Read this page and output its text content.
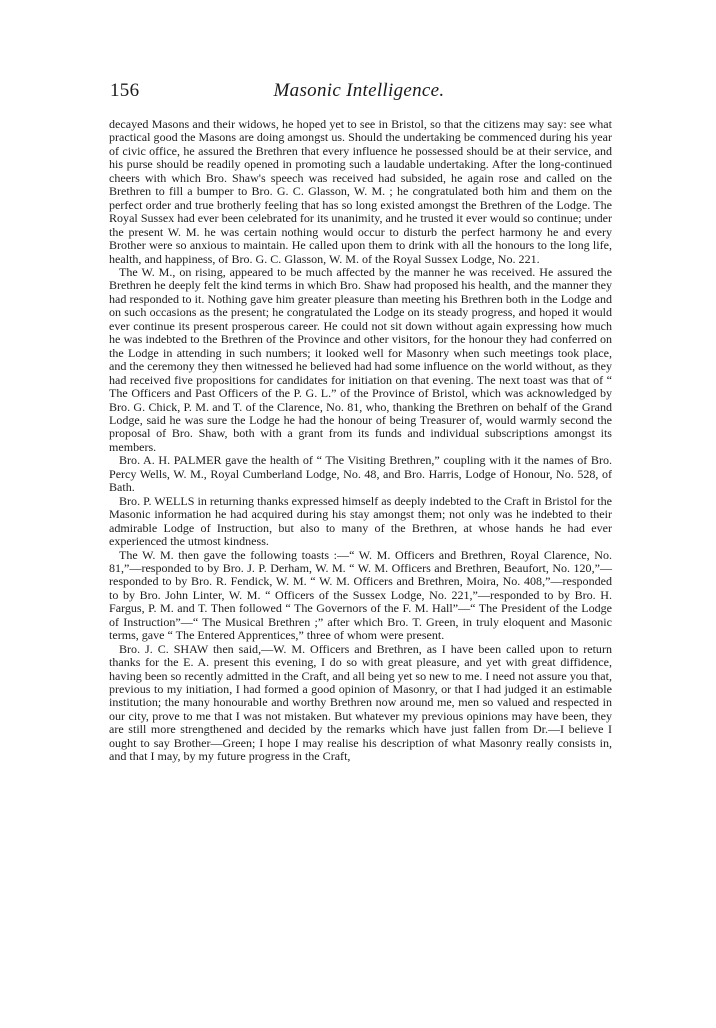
156	Masonic Intelligence.

decayed Masons and their widows, he hoped yet to see in Bristol, so that the citizens may say: see what practical good the Masons are doing amongst us. Should the undertaking be commenced during his year of civic office, he assured the Brethren that every influence he possessed should be at their service, and his purse should be readily opened in promoting such a laudable undertaking. After the long-continued cheers with which Bro. Shaw's speech was received had subsided, he again rose and called on the Brethren to fill a bumper to Bro. G. C. Glasson, W. M. ; he congratulated both him and them on the perfect order and true brotherly feeling that has so long existed amongst the Brethren of the Lodge. The Royal Sussex had ever been celebrated for its unanimity, and he trusted it ever would so continue; under the present W. M. he was certain nothing would occur to disturb the perfect harmony he and every Brother were so anxious to maintain. He called upon them to drink with all the honours to the long life, health, and happiness, of Bro. G. C. Glasson, W. M. of the Royal Sussex Lodge, No. 221.

The W. M., on rising, appeared to be much affected by the manner he was received. He assured the Brethren he deeply felt the kind terms in which Bro. Shaw had proposed his health, and the manner they had responded to it. Nothing gave him greater pleasure than meeting his Brethren both in the Lodge and on such occasions as the present; he congratulated the Lodge on its steady progress, and hoped it would ever continue its present prosperous career. He could not sit down without again expressing how much he was indebted to the Brethren of the Province and other visitors, for the honour they had conferred on the Lodge in attending in such numbers; it looked well for Masonry when such meetings took place, and the ceremony they then witnessed he believed had had some influence on the world without, as they had received five propositions for candidates for initiation on that evening. The next toast was that of “ The Officers and Past Officers of the P. G. L.” of the Province of Bristol, which was acknowledged by Bro. G. Chick, P. M. and T. of the Clarence, No. 81, who, thanking the Brethren on behalf of the Grand Lodge, said he was sure the Lodge he had the honour of being Treasurer of, would warmly second the proposal of Bro. Shaw, both with a grant from its funds and individual subscriptions amongst its members.

Bro. A. H. PALMER gave the health of “ The Visiting Brethren,” coupling with it the names of Bro. Percy Wells, W. M., Royal Cumberland Lodge, No. 48, and Bro. Harris, Lodge of Honour, No. 528, of Bath.

Bro. P. WELLS in returning thanks expressed himself as deeply indebted to the Craft in Bristol for the Masonic information he had acquired during his stay amongst them; not only was he indebted to their admirable Lodge of Instruction, but also to many of the Brethren, at whose hands he had ever experienced the utmost kindness.

The W. M. then gave the following toasts :—“ W. M. Officers and Brethren, Royal Clarence, No. 81,”—responded to by Bro. J. P. Derham, W. M. “ W. M. Officers and Brethren, Beaufort, No. 120,”—responded to by Bro. R. Fendick, W. M. “ W. M. Officers and Brethren, Moira, No. 408,”—responded to by Bro. John Linter, W. M. “ Officers of the Sussex Lodge, No. 221,”—responded to by Bro. H. Fargus, P. M. and T. Then followed “ The Governors of the F. M. Hall”—“ The President of the Lodge of Instruction”—“ The Musical Brethren ;” after which Bro. T. Green, in truly eloquent and Masonic terms, gave “ The Entered Apprentices,” three of whom were present.

Bro. J. C. SHAW then said,—W. M. Officers and Brethren, as I have been called upon to return thanks for the E. A. present this evening, I do so with great pleasure, and yet with great diffidence, having been so recently admitted in the Craft, and all being yet so new to me. I need not assure you that, previous to my initiation, I had formed a good opinion of Masonry, or that I had judged it an estimable institution; the many honourable and worthy Brethren now around me, men so valued and respected in our city, prove to me that I was not mistaken. But whatever my previous opinions may have been, they are still more strengthened and decided by the remarks which have just fallen from Dr.—I believe I ought to say Brother—Green; I hope I may realise his description of what Masonry really consists in, and that I may, by my future progress in the Craft,
